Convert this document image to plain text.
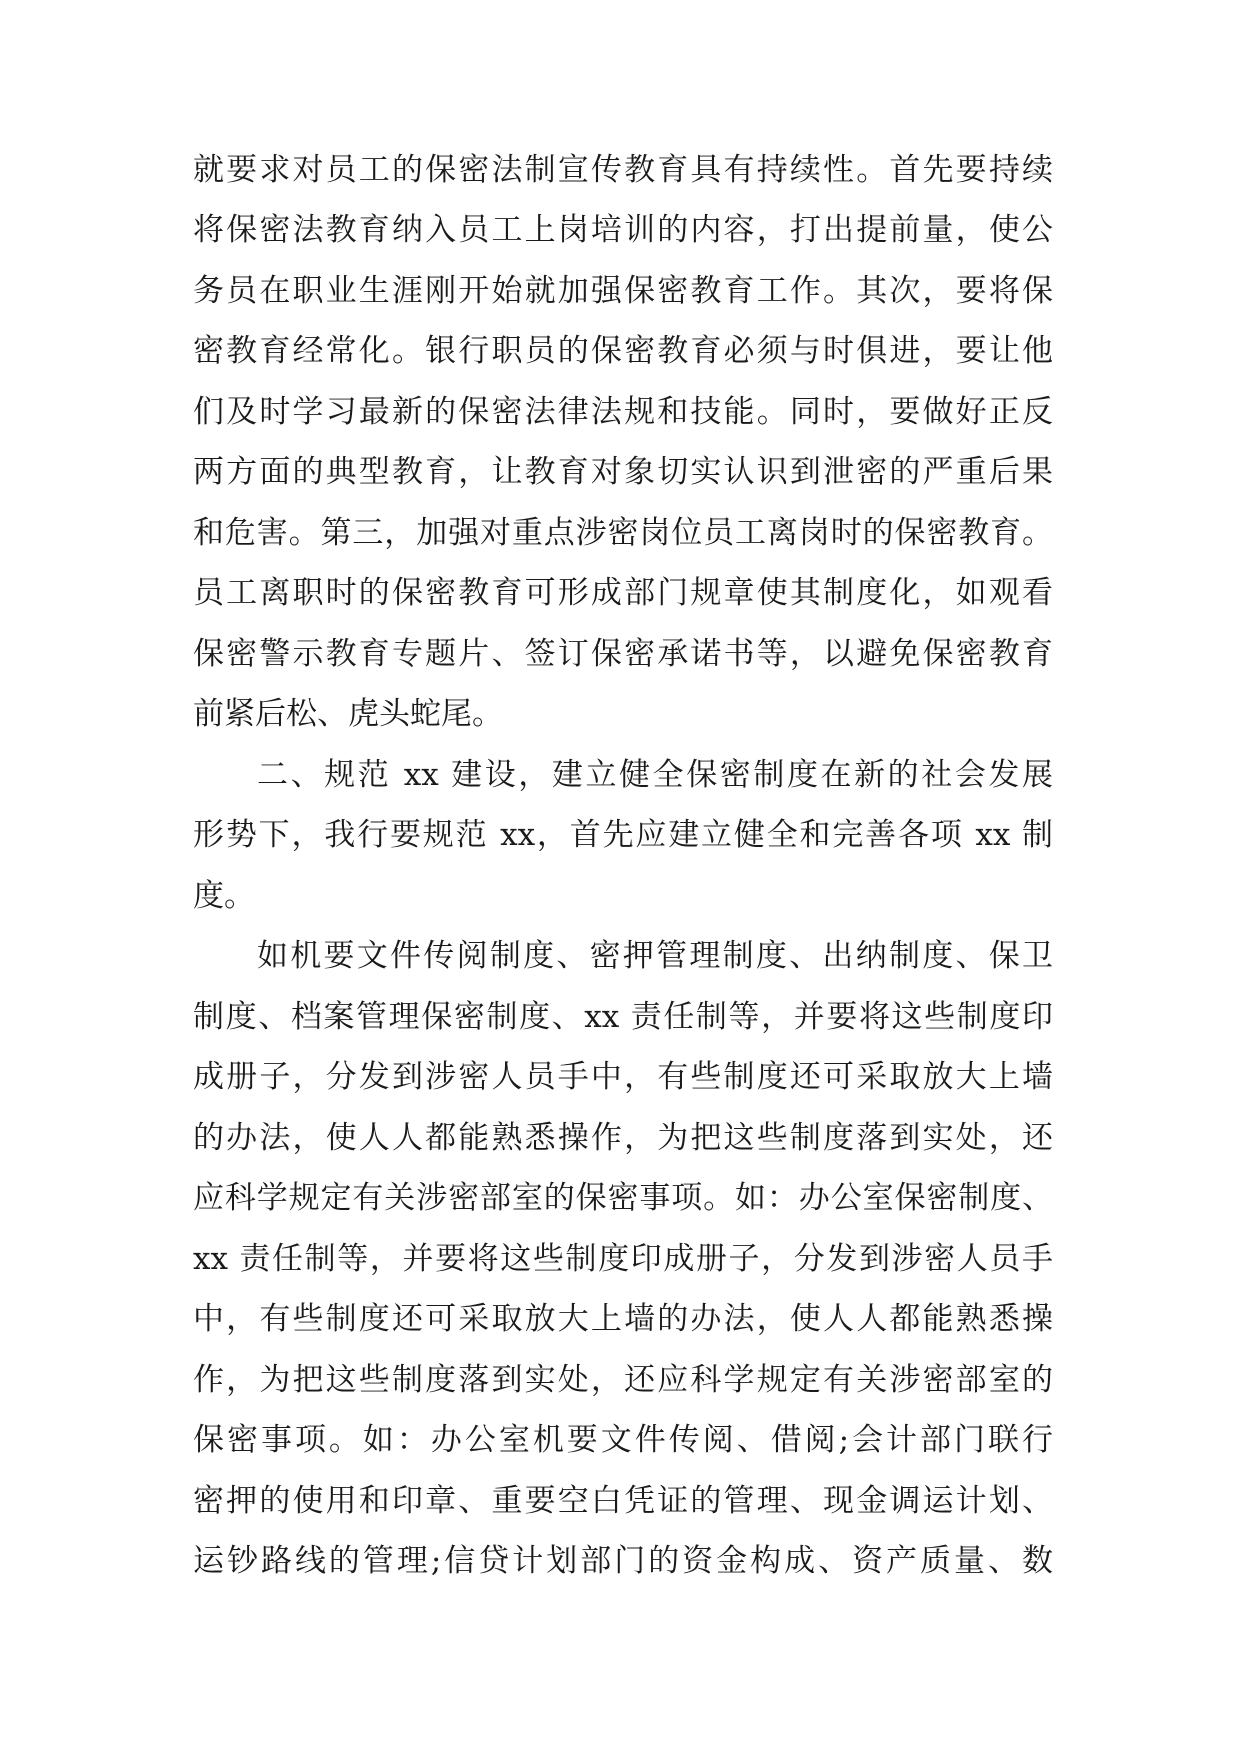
就要求对员工的保密法制宣传教育具有持续性。首先要持续
将保密法教育纳入员工上岗培训的内容，打出提前量，使公
务员在职业生涯刚开始就加强保密教育工作。其次，要将保
密教育经常化。银行职员的保密教育必须与时俱进，要让他
们及时学习最新的保密法律法规和技能。同时，要做好正反
两方面的典型教育，让教育对象切实认识到泄密的严重后果
和危害。第三，加强对重点涉密岗位员工离岗时的保密教育。
员工离职时的保密教育可形成部门规章使其制度化，如观看
保密警示教育专题片、签订保密承诺书等，以避免保密教育
前紧后松、虎头蛇尾。
二、规范 xx 建设，建立健全保密制度在新的社会发展
形势下，我行要规范 xx，首先应建立健全和完善各项 xx 制
度。
如机要文件传阅制度、密押管理制度、出纳制度、保卫
制度、档案管理保密制度、xx 责任制等，并要将这些制度印
成册子，分发到涉密人员手中，有些制度还可采取放大上墙
的办法，使人人都能熟悉操作，为把这些制度落到实处，还
应科学规定有关涉密部室的保密事项。如：办公室保密制度、
xx 责任制等，并要将这些制度印成册子，分发到涉密人员手
中，有些制度还可采取放大上墙的办法，使人人都能熟悉操
作，为把这些制度落到实处，还应科学规定有关涉密部室的
保密事项。如：办公室机要文件传阅、借阅;会计部门联行
密押的使用和印章、重要空白凭证的管理、现金调运计划、
运钞路线的管理;信贷计划部门的资金构成、资产质量、数
